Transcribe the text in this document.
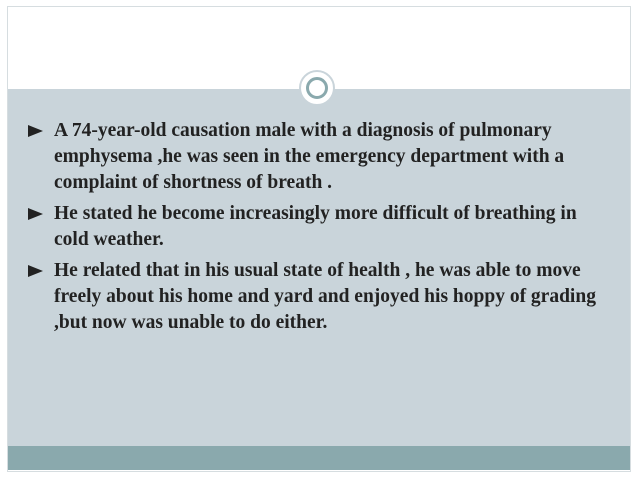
A 74-year-old causation male with a diagnosis of pulmonary emphysema ,he was seen in the emergency department with a complaint of shortness of breath .
He stated he become increasingly more difficult of breathing in cold weather.
He related that in his usual state of health , he was able to move freely about his home and yard and enjoyed his hoppy of grading ,but now was unable to do either.
